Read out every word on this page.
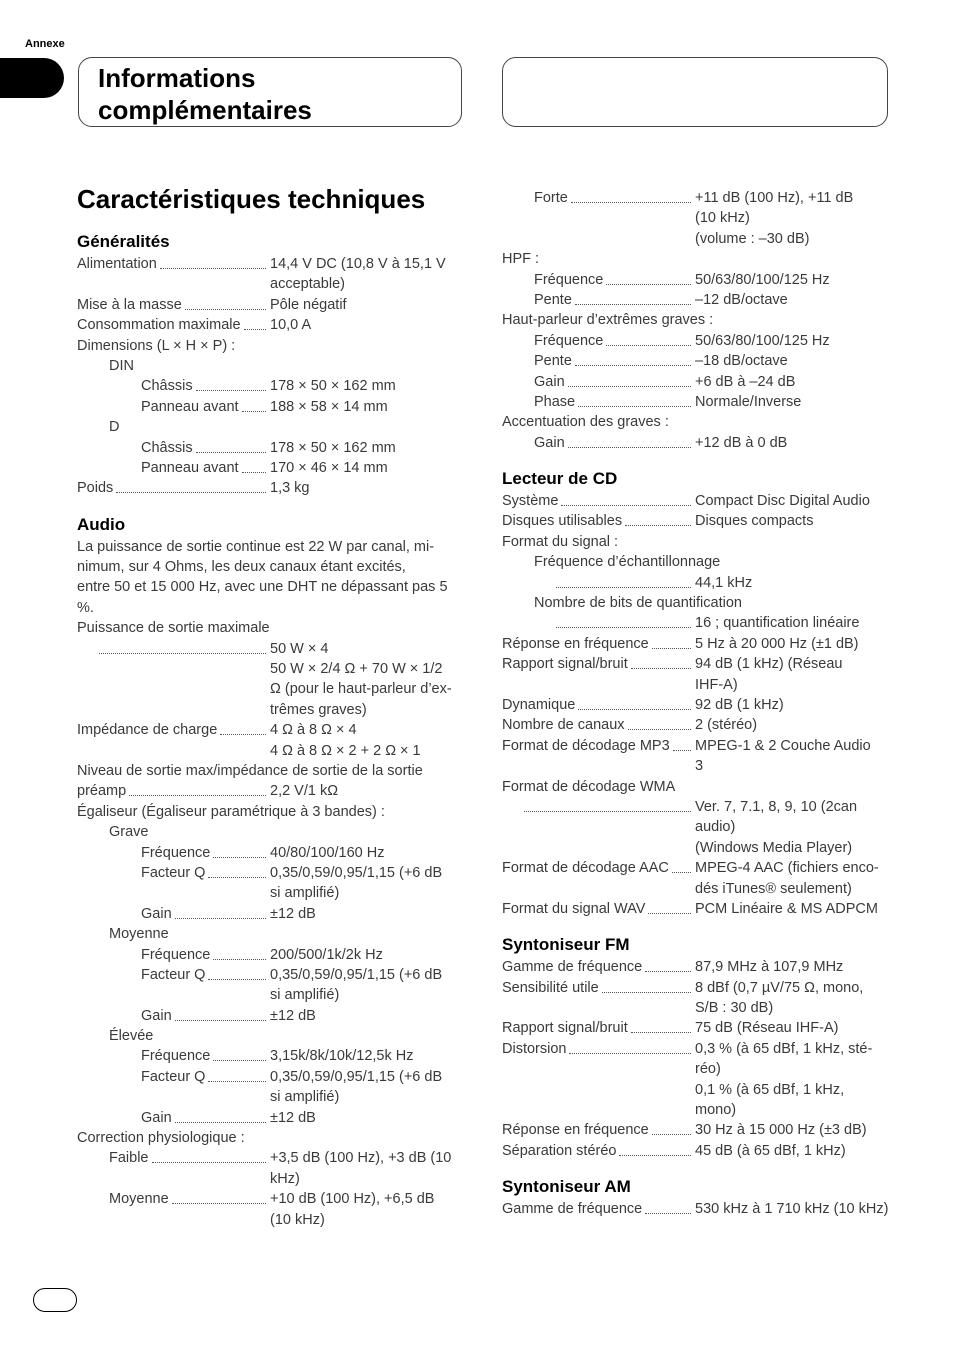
Annexe
Informations
complémentaires
Caractéristiques techniques
Généralités
Alimentation	14,4 V DC (10,8 V à 15,1 V
acceptable)
Mise à la masse	Pôle négatif
Consommation maximale 10,0 A
Dimensions (L × H × P) :
DIN
Châssis	178 × 50 × 162 mm
Panneau avant 188 × 58 × 14 mm
D
Châssis	178 × 50 × 162 mm
Panneau avant 170 × 46 × 14 mm
Poids	1,3 kg
Audio
La puissance de sortie continue est 22 W par canal, mi-
nimum, sur 4 Ohms, les deux canaux étant excités,
entre 50 et 15 000 Hz, avec une DHT ne dépassant pas 5
%.
Puissance de sortie maximale
50 W × 4
50 W × 2/4 Ω + 70 W × 1/2
Ω (pour le haut-parleur d’ex-
trêmes graves)
Impédance de charge	4 Ω à 8 Ω × 4
4 Ω à 8 Ω × 2 + 2 Ω × 1
Niveau de sortie max/impédance de sortie de la sortie
préamp	2,2 V/1 kΩ
Égaliseur (Égaliseur paramétrique à 3 bandes) :
Grave
Fréquence	40/80/100/160 Hz
Facteur Q	0,35/0,59/0,95/1,15 (+6 dB
si amplifié)
Gain	±12 dB
Moyenne
Fréquence	200/500/1k/2k Hz
Facteur Q	0,35/0,59/0,95/1,15 (+6 dB
si amplifié)
Gain	±12 dB
Élevée
Fréquence	3,15k/8k/10k/12,5k Hz
Facteur Q	0,35/0,59/0,95/1,15 (+6 dB
si amplifié)
Gain	±12 dB
Correction physiologique :
Faible	+3,5 dB (100 Hz), +3 dB (10
kHz)
Moyenne	+10 dB (100 Hz), +6,5 dB
(10 kHz)
Forte	+11 dB (100 Hz), +11 dB
(10 kHz)
(volume : –30 dB)
HPF :
Fréquence	50/63/80/100/125 Hz
Pente	–12 dB/octave
Haut-parleur d’extrêmes graves :
Fréquence	50/63/80/100/125 Hz
Pente	–18 dB/octave
Gain	+6 dB à –24 dB
Phase	Normale/Inverse
Accentuation des graves :
Gain	+12 dB à 0 dB
Lecteur de CD
Système	Compact Disc Digital Audio
Disques utilisables	Disques compacts
Format du signal :
Fréquence d’échantillonnage
44,1 kHz
Nombre de bits de quantification
16 ; quantification linéaire
Réponse en fréquence	5 Hz à 20 000 Hz (±1 dB)
Rapport signal/bruit	94 dB (1 kHz) (Réseau
IHF-A)
Dynamique	92 dB (1 kHz)
Nombre de canaux	2 (stéréo)
Format de décodage MP3 MPEG-1 & 2 Couche Audio
3
Format de décodage WMA
Ver. 7, 7.1, 8, 9, 10 (2can
audio)
(Windows Media Player)
Format de décodage AAC MPEG-4 AAC (fichiers enco-
dés iTunes® seulement)
Format du signal WAV	PCM Linéaire & MS ADPCM
Syntoniseur FM
Gamme de fréquence	87,9 MHz à 107,9 MHz
Sensibilité utile	8 dBf (0,7 µV/75 Ω, mono,
S/B : 30 dB)
Rapport signal/bruit	75 dB (Réseau IHF-A)
Distorsion	0,3 % (à 65 dBf, 1 kHz, sté-
réo)
0,1 % (à 65 dBf, 1 kHz,
mono)
Réponse en fréquence	30 Hz à 15 000 Hz (±3 dB)
Séparation stéréo	45 dB (à 65 dBf, 1 kHz)
Syntoniseur AM
Gamme de fréquence	530 kHz à 1 710 kHz (10 kHz)
